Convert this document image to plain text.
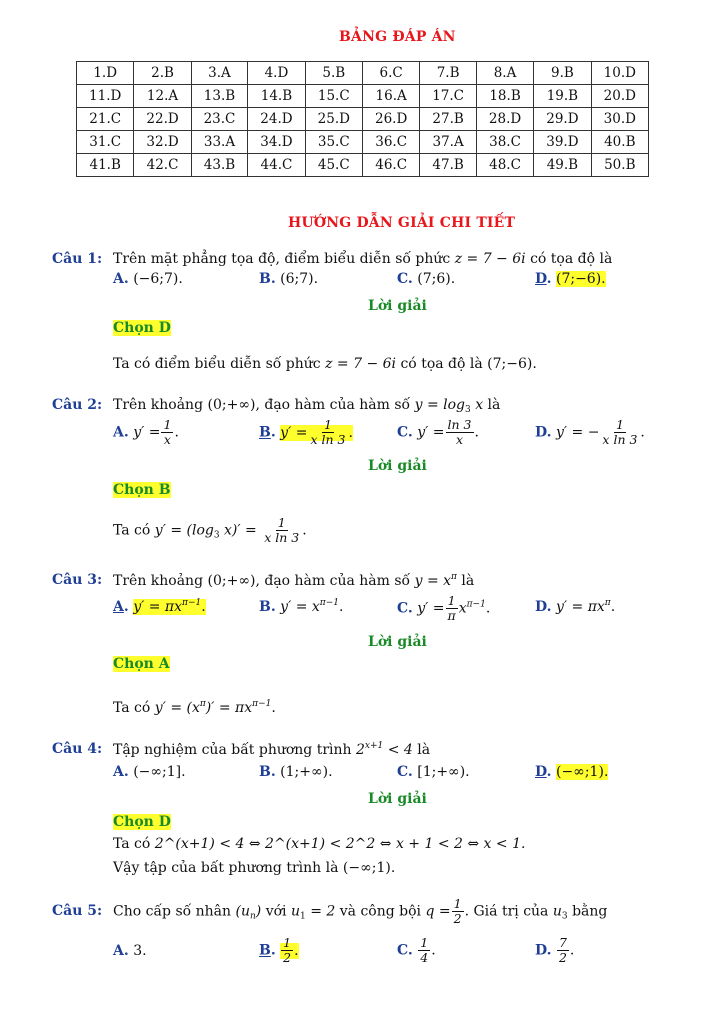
BẢNG ĐÁP ÁN
1.D	2.B	3.A	4.D	5.B	6.C	7.B	8.A	9.B	10.D
11.D	12.A	13.B	14.B	15.C	16.A	17.C	18.B	19.B	20.D
21.C	22.D	23.C	24.D	25.D	26.D	27.B	28.D	29.D	30.D
31.C	32.D	33.A	34.D	35.C	36.C	37.A	38.C	39.D	40.B
41.B	42.C	43.B	44.C	45.C	46.C	47.B	48.C	49.B	50.B
HƯỚNG DẪN GIẢI CHI TIẾT
Câu 1: Trên mặt phẳng tọa độ, điểm biểu diễn số phức z = 7 − 6i có tọa độ là
A. (−6;7).	B. (6;7).	C. (7;6).	D. (7;−6).
Lời giải
Chọn D
Ta có điểm biểu diễn số phức z = 7 − 6i có tọa độ là (7;−6).
Câu 2: Trên khoảng (0;+∞), đạo hàm của hàm số $y = \log_3 x$ là
A. $y' = \frac{1}{x}$ .	B. $y' = \frac{1}{\text{x ln 3}}$ .	C. $y' = \frac{\ln 3}{x}$ .	D. y′ = − $\frac{1}{\text{x ln 3}}$ .
Lời giải
Chọn B
Ta có $y' = (\log_3$ $x)' = \frac{1}{\text{x ln 3}}$ .
Câu 3: Trên khoảng (0;+∞), đạo hàm của hàm số $y = x^\pi$ là
A. $y' = \pi x^{\pi-1}$.	B. $y' = x^{\pi-1}$.	C. $y' = \frac{1}{\pi} x^{\pi-1}$.	D. $y' = \pi x^\pi$.
Lời giải
Chọn A
Ta có $y' = (x^\pi)' = \pi x^{\pi-1}$.
Câu 4: Tập nghiệm của bất phương trình $2^{x+1} < 4$ là
A. (−∞;1].	B. (1;+∞).	C. [1;+∞).	D. (−∞;1).
Lời giải
Chọn D
Ta có 2^(x+1) < 4 ⇔ 2^(x+1) < 2^2 ⇔ x + 1 < 2 ⇔ x < 1.
Vậy tập của bất phương trình là (−∞;1).
Câu 5: Cho cấp số nhân $(u_n)$ với $u_1 = 2$ và công bội $q = \frac{1}{2}$ . Giá trị của $u_3$ bằng
A. 3.	B. $\frac{1}{2}$ .	C. $\frac{1}{4}$ .	D. $\frac{7}{2}$ .
